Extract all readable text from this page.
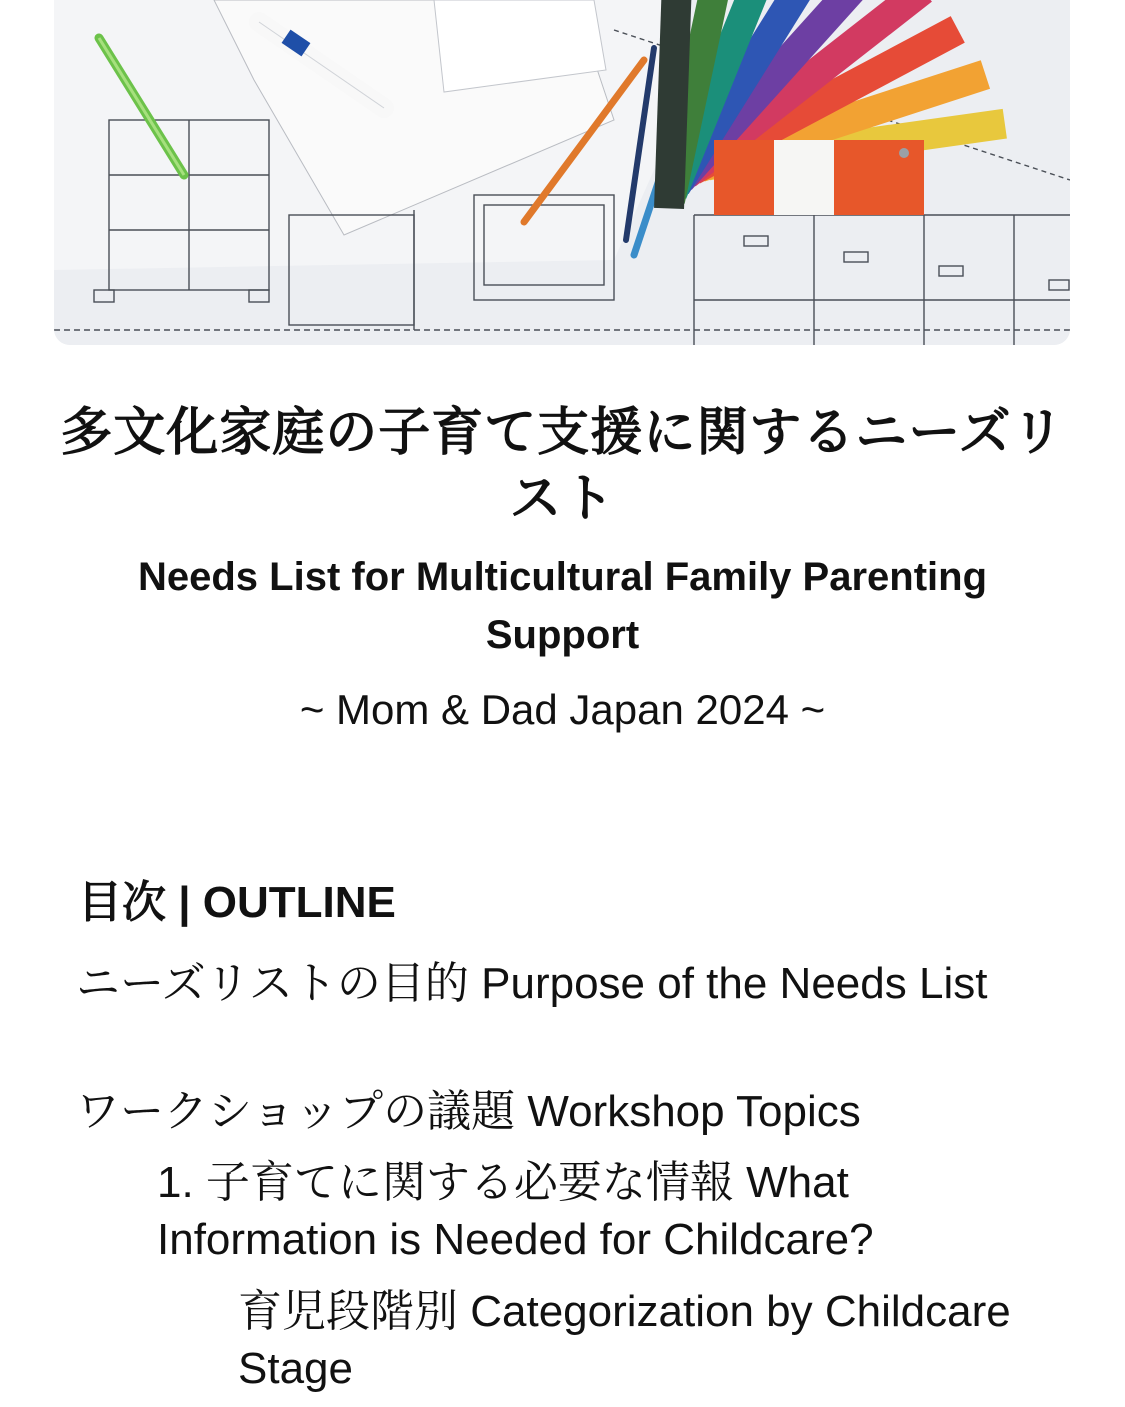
多文化家庭の子育て支援に関するニーズリスト
Needs List for Multicultural Family Parenting Support
~ Mom & Dad Japan 2024 ~
目次 | OUTLINE
ニーズリストの目的 Purpose of the Needs List
ワークショップの議題 Workshop Topics
1. 子育てに関する必要な情報 What Information is Needed for Childcare?
育児段階別 Categorization by Childcare Stage
